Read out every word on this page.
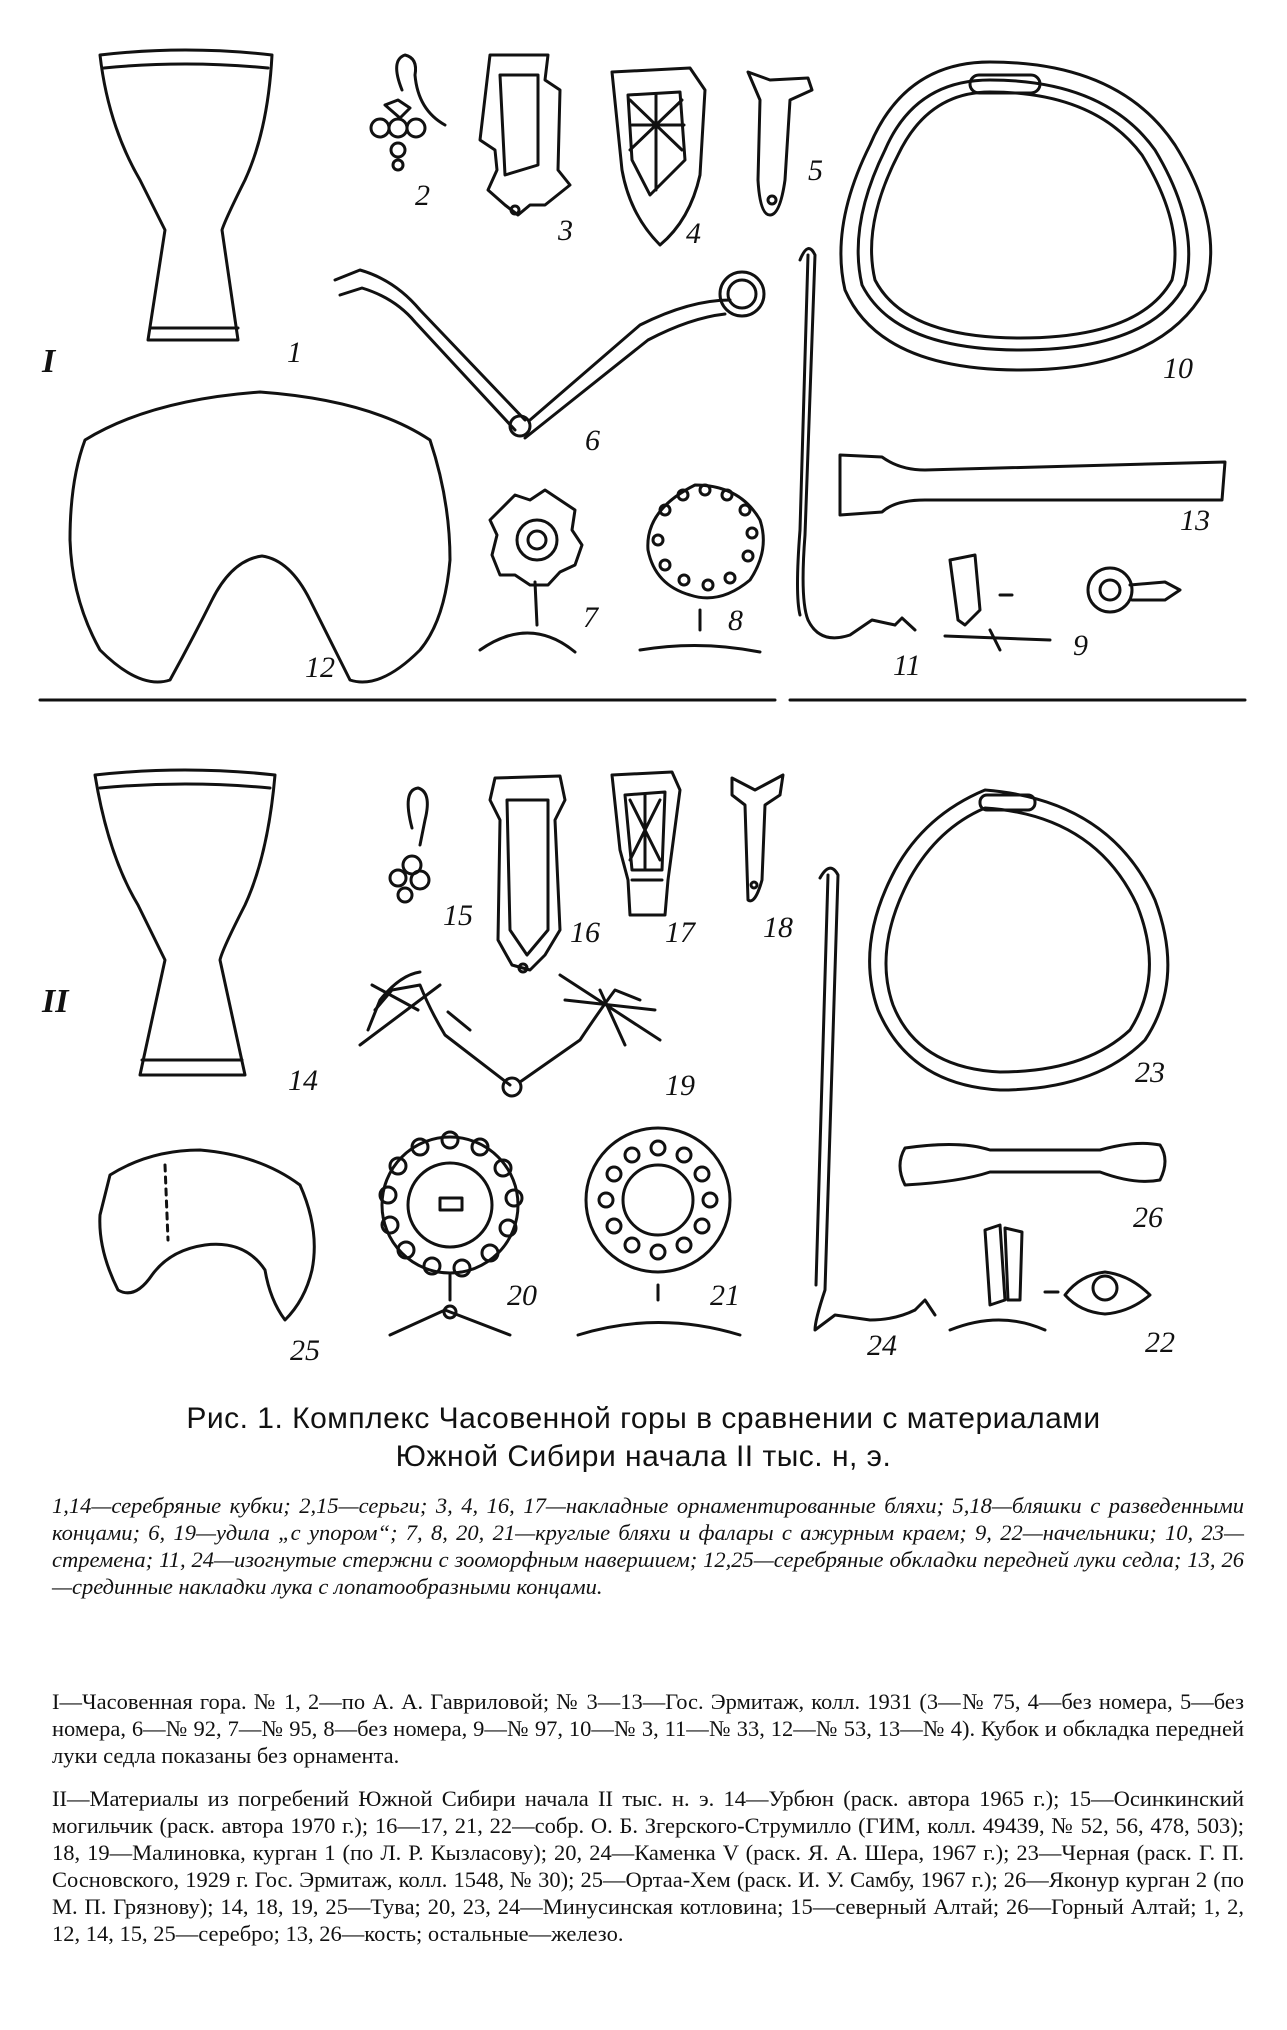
I
II
1
2
3	4
5
6
7	8
9
10
11
12
13
14
15
16 17 18
19
20	21
22
23
24
25
26
Рис. 1. Комплекс Часовенной горы в сравнении с материалами
Южной Сибири начала II тыс. н, э.
1,14—серебряные кубки; 2,15—серьги; 3, 4, 16, 17—накладные орнаментированные бляхи; 5,18—бляшки с разведенными концами; 6, 19—удила „с упором“; 7, 8, 20, 21—круглые бляхи и фалары с ажурным краем; 9, 22—начельники; 10, 23—стремена; 11, 24—изогнутые стержни с зооморфным навершием; 12,25—серебряные обкладки передней луки седла; 13, 26—срединные накладки лука с лопатообразными концами.
I—Часовенная гора. № 1, 2—по А. А. Гавриловой; № 3—13—Гос. Эрмитаж, колл. 1931 (3—№ 75, 4—без номера, 5—без номера, 6—№ 92, 7—№ 95, 8—без номера, 9—№ 97, 10—№ 3, 11—№ 33, 12—№ 53, 13—№ 4). Кубок и обкладка передней луки седла показаны без орнамента.
II—Материалы из погребений Южной Сибири начала II тыс. н. э. 14—Урбюн (раск. автора 1965 г.); 15—Осинкинский могильчик (раск. автора 1970 г.); 16—17, 21, 22—собр. О. Б. Згерского-Струмилло (ГИМ, колл. 49439, № 52, 56, 478, 503); 18, 19—Малиновка, курган 1 (по Л. Р. Кызласову); 20, 24—Каменка V (раск. Я. А. Шера, 1967 г.); 23—Черная (раск. Г. П. Сосновского, 1929 г. Гос. Эрмитаж, колл. 1548, № 30); 25—Ортаа-Хем (раск. И. У. Самбу, 1967 г.); 26—Яконур курган 2 (по М. П. Грязнову); 14, 18, 19, 25—Тува; 20, 23, 24—Минусинская котловина; 15—северный Алтай; 26—Горный Алтай; 1, 2, 12, 14, 15, 25—серебро; 13, 26—кость; остальные—железо.
